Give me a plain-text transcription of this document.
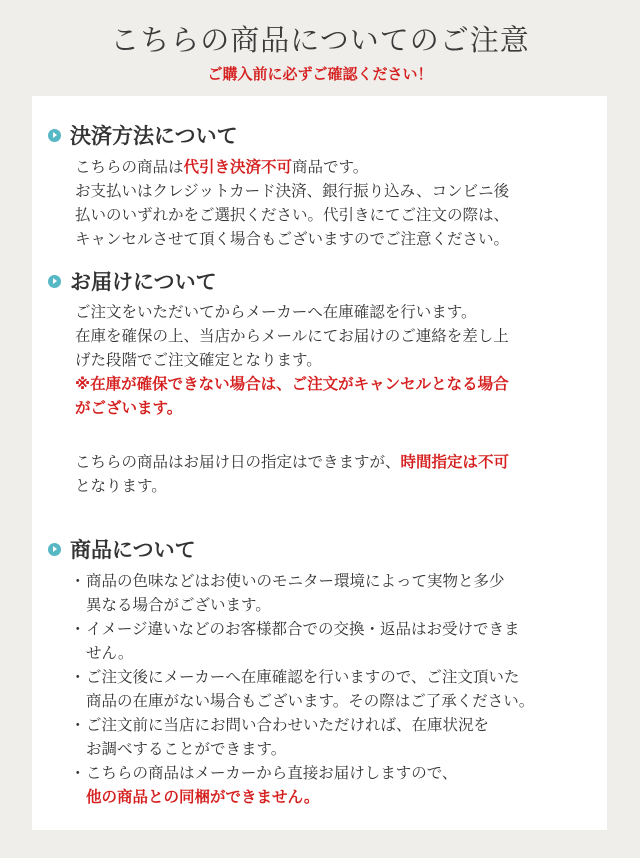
こちらの商品についてのご注意
ご購入前に必ずご確認ください！
決済方法について
こちらの商品は代引き決済不可商品です。
お支払いはクレジットカード決済、銀行振り込み、コンビニ後
払いのいずれかをご選択ください。代引きにてご注文の際は、
キャンセルさせて頂く場合もございますのでご注意ください。
お届けについて
ご注文をいただいてからメーカーへ在庫確認を行います。
在庫を確保の上、当店からメールにてお届けのご連絡を差し上
げた段階でご注文確定となります。
※在庫が確保できない場合は、ご注文がキャンセルとなる場合
がございます。
こちらの商品はお届け日の指定はできますが、時間指定は不可
となります。
商品について
・ 商品の色味などはお使いのモニター環境によって実物と多少
異なる場合がございます。
・ イメージ違いなどのお客様都合での交換・返品はお受けできま
せん。
・ ご注文後にメーカーへ在庫確認を行いますので、ご注文頂いた
商品の在庫がない場合もございます。その際はご了承ください。
・ ご注文前に当店にお問い合わせいただければ、在庫状況を
お調べすることができます。
・ こちらの商品はメーカーから直接お届けしますので、
他の商品との同梱ができません。
